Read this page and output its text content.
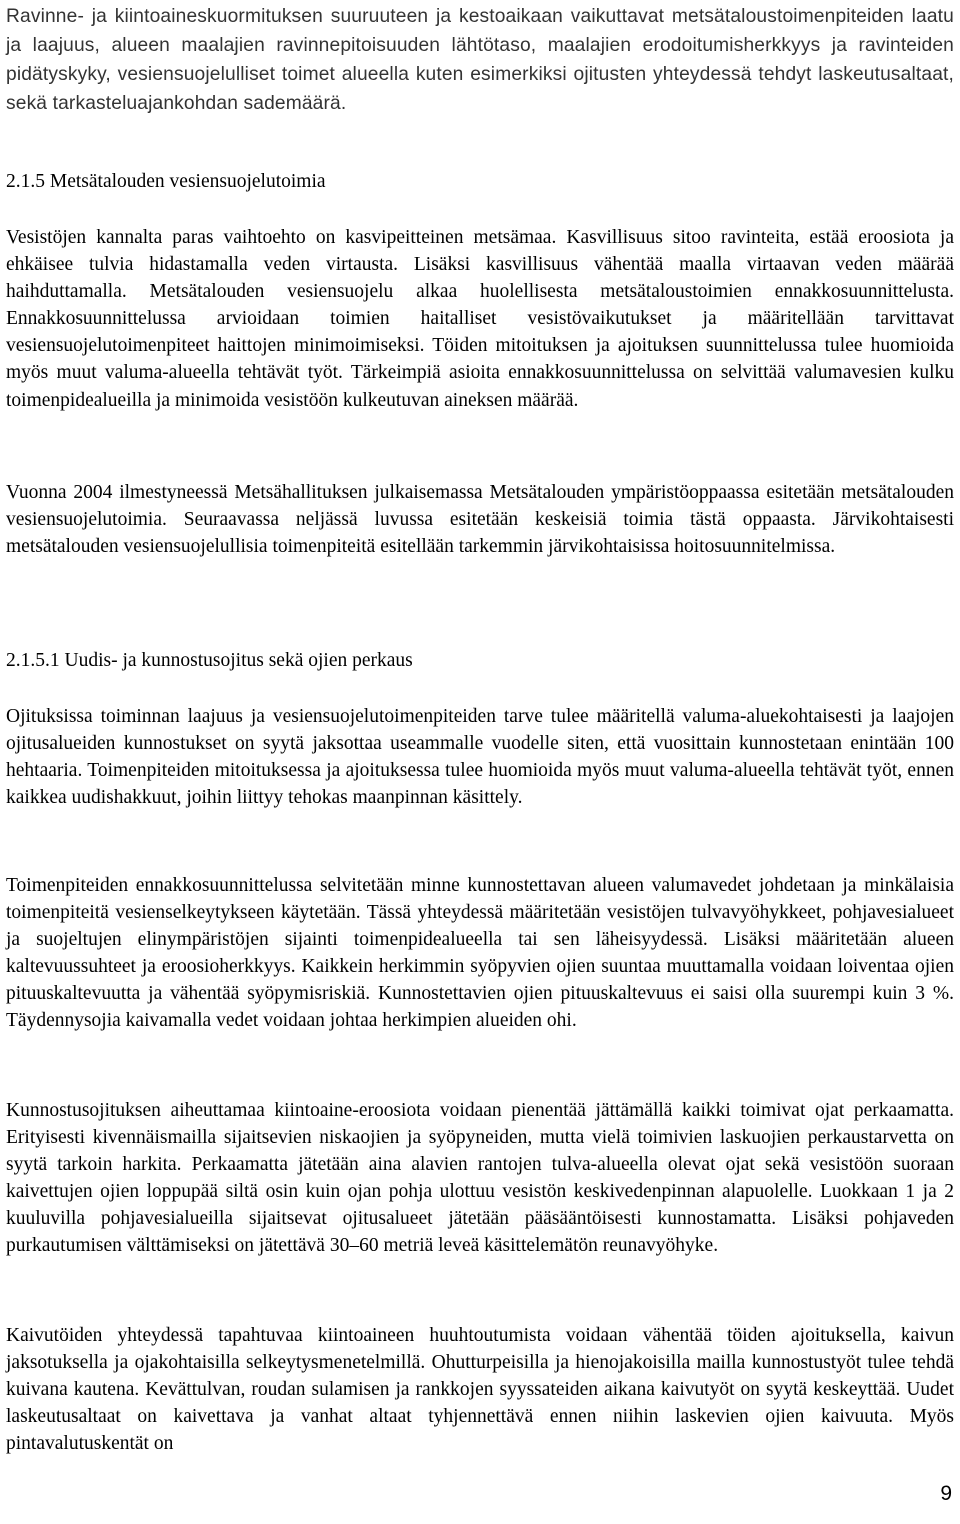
Ravinne- ja kiintoaineskuormituksen suuruuteen ja kestoaikaan vaikuttavat metsätaloustoimenpiteiden laatu ja laajuus, alueen maalajien ravinnepitoisuuden lähtötaso, maalajien erodoitumisherkkyys ja ravinteiden pidätyskyky, vesiensuojelulliset toimet alueella kuten esimerkiksi ojitusten yhteydessä tehdyt laskeutusaltaat, sekä tarkasteluajankohdan sademäärä.

2.1.5 Metsätalouden vesiensuojelutoimia

Vesistöjen kannalta paras vaihtoehto on kasvipeitteinen metsämaa. Kasvillisuus sitoo ravinteita, estää eroosiota ja ehkäisee tulvia hidastamalla veden virtausta. Lisäksi kasvillisuus vähentää maalla virtaavan veden määrää haihduttamalla. Metsätalouden vesiensuojelu alkaa huolellisesta metsätaloustoimien ennakkosuunnittelusta. Ennakkosuunnittelussa arvioidaan toimien haitalliset vesistövaikutukset ja määritellään tarvittavat vesiensuojelutoimenpiteet haittojen minimoimiseksi. Töiden mitoituksen ja ajoituksen suunnittelussa tulee huomioida myös muut valuma-alueella tehtävät työt. Tärkeimpiä asioita ennakkosuunnittelussa on selvittää valumavesien kulku toimenpidealueilla ja minimoida vesistöön kulkeutuvan aineksen määrää.

Vuonna 2004 ilmestyneessä Metsähallituksen julkaisemassa Metsätalouden ympäristöoppaassa esitetään metsätalouden vesiensuojelutoimia. Seuraavassa neljässä luvussa esitetään keskeisiä toimia tästä oppaasta. Järvikohtaisesti metsätalouden vesiensuojelullisia toimenpiteitä esitellään tarkemmin järvikohtaisissa hoitosuunnitelmissa.

2.1.5.1 Uudis- ja kunnostusojitus sekä ojien perkaus

Ojituksissa toiminnan laajuus ja vesiensuojelutoimenpiteiden tarve tulee määritellä valuma-aluekohtaisesti ja laajojen ojitusalueiden kunnostukset on syytä jaksottaa useammalle vuodelle siten, että vuosittain kunnostetaan enintään 100 hehtaaria. Toimenpiteiden mitoituksessa ja ajoituksessa tulee huomioida myös muut valuma-alueella tehtävät työt, ennen kaikkea uudishakkuut, joihin liittyy tehokas maanpinnan käsittely.

Toimenpiteiden ennakkosuunnittelussa selvitetään minne kunnostettavan alueen valumavedet johdetaan ja minkälaisia toimenpiteitä vesienselkeytykseen käytetään. Tässä yhteydessä määritetään vesistöjen tulvavyöhykkeet, pohjavesialueet ja suojeltujen elinympäristöjen sijainti toimenpidealueella tai sen läheisyydessä. Lisäksi määritetään alueen kaltevuussuhteet ja eroosioherkkyys. Kaikkein herkimmin syöpyvien ojien suuntaa muuttamalla voidaan loiventaa ojien pituuskaltevuutta ja vähentää syöpymisriskiä. Kunnostettavien ojien pituuskaltevuus ei saisi olla suurempi kuin 3 %. Täydennysojia kaivamalla vedet voidaan johtaa herkimpien alueiden ohi.

Kunnostusojituksen aiheuttamaa kiintoaine-eroosiota voidaan pienentää jättämällä kaikki toimivat ojat perkaamatta. Erityisesti kivennäismailla sijaitsevien niskaojien ja syöpyneiden, mutta vielä toimivien laskuojien perkaustarvetta on syytä tarkoin harkita. Perkaamatta jätetään aina alavien rantojen tulva-alueella olevat ojat sekä vesistöön suoraan kaivettujen ojien loppupää siltä osin kuin ojan pohja ulottuu vesistön keskivedenpinnan alapuolelle. Luokkaan 1 ja 2 kuuluvilla pohjavesialueilla sijaitsevat ojitusalueet jätetään pääsääntöisesti kunnostamatta. Lisäksi pohjaveden purkautumisen välttämiseksi on jätettävä 30–60 metriä leveä käsittelemätön reunavyöhyke.

Kaivutöiden yhteydessä tapahtuvaa kiintoaineen huuhtoutumista voidaan vähentää töiden ajoituksella, kaivun jaksotuksella ja ojakohtaisilla selkeytysmenetelmillä. Ohutturpeisilla ja hienojakoisilla mailla kunnostustyöt tulee tehdä kuivana kautena. Kevättulvan, roudan sulamisen ja rankkojen syyssateiden aikana kaivutyöt on syytä keskeyttää. Uudet laskeutusaltaat on kaivettava ja vanhat altaat tyhjennettävä ennen niihin laskevien ojien kaivuuta. Myös pintavalutuskentät on

9
